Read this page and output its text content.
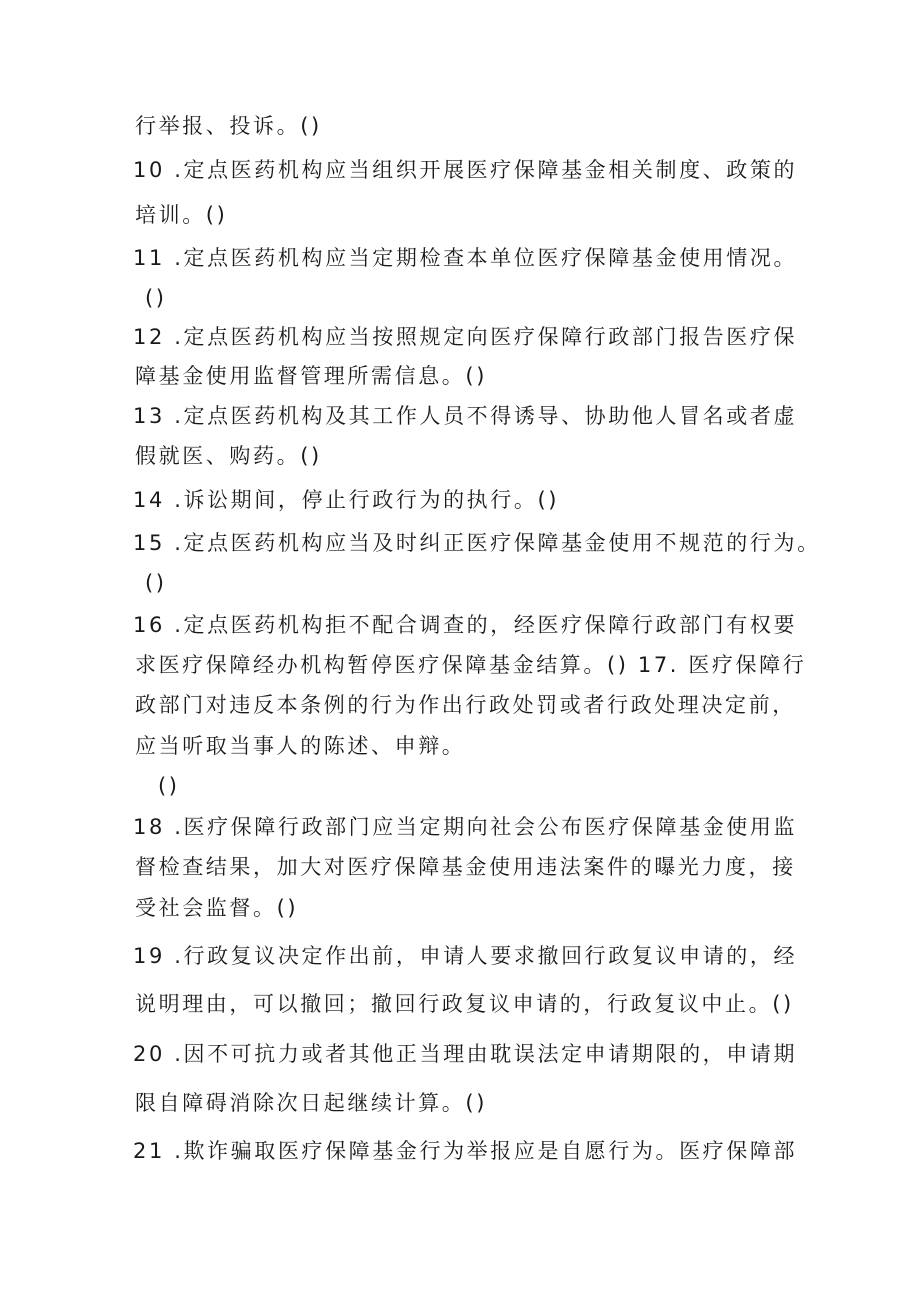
行举报、投诉。()
10 .定点医药机构应当组织开展医疗保障基金相关制度、政策的
培训。()
11 .定点医药机构应当定期检查本单位医疗保障基金使用情况。
()
12 .定点医药机构应当按照规定向医疗保障行政部门报告医疗保
障基金使用监督管理所需信息。()
13 .定点医药机构及其工作人员不得诱导、协助他人冒名或者虚
假就医、购药。()
14 .诉讼期间，停止行政行为的执行。()
15 .定点医药机构应当及时纠正医疗保障基金使用不规范的行为。
()
16 .定点医药机构拒不配合调查的，经医疗保障行政部门有权要
求医疗保障经办机构暂停医疗保障基金结算。() 17. 医疗保障行
政部门对违反本条例的行为作出行政处罚或者行政处理决定前，
应当听取当事人的陈述、申辩。
()
18 .医疗保障行政部门应当定期向社会公布医疗保障基金使用监
督检查结果，加大对医疗保障基金使用违法案件的曝光力度，接
受社会监督。()
19 .行政复议决定作出前，申请人要求撤回行政复议申请的，经
说明理由，可以撤回；撤回行政复议申请的，行政复议中止。()
20 .因不可抗力或者其他正当理由耽误法定申请期限的，申请期
限自障碍消除次日起继续计算。()
21 .欺诈骗取医疗保障基金行为举报应是自愿行为。医疗保障部
